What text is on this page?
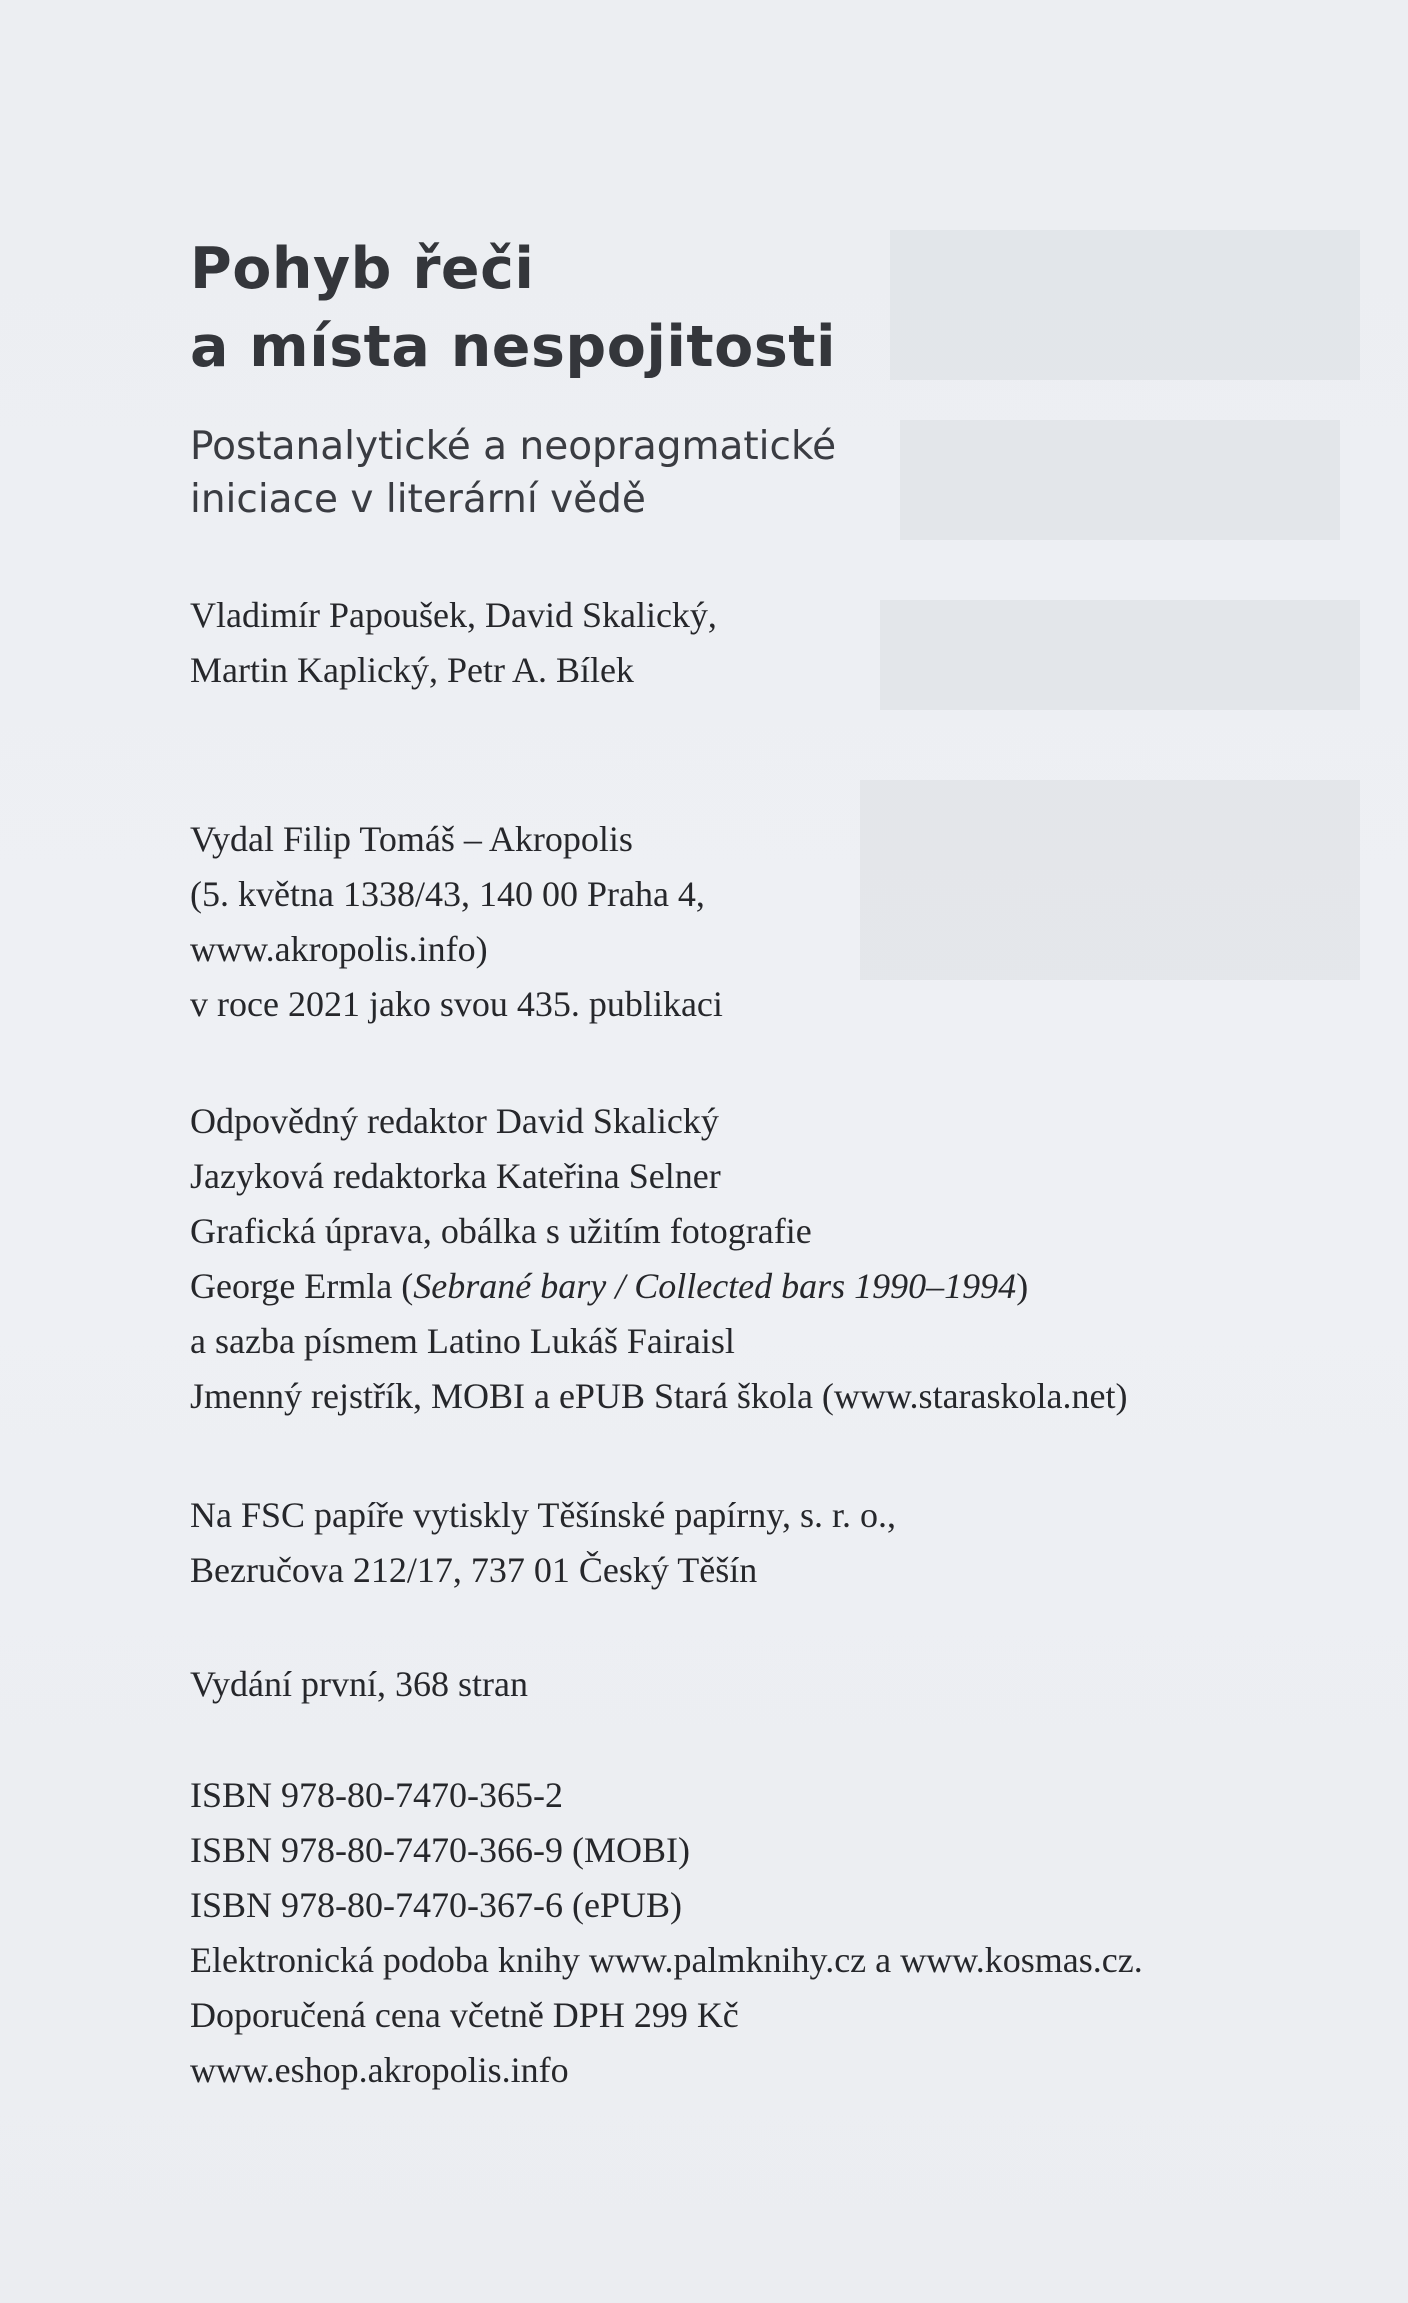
Pohyb řeči
a místa nespojitosti
Postanalytické a neopragmatické
iniciace v literární vědě
Vladimír Papoušek, David Skalický,
Martin Kaplický, Petr A. Bílek
Vydal Filip Tomáš – Akropolis
(5. května 1338/43, 140 00 Praha 4,
www.akropolis.info)
v roce 2021 jako svou 435. publikaci
Odpovědný redaktor David Skalický
Jazyková redaktorka Kateřina Selner
Grafická úprava, obálka s užitím fotografie
George Ermla (Sebrané bary / Collected bars 1990–1994)
a sazba písmem Latino Lukáš Fairaisl
Jmenný rejstřík, MOBI a ePUB Stará škola (www.staraskola.net)
Na FSC papíře vytiskly Těšínské papírny, s. r. o.,
Bezručova 212/17, 737 01 Český Těšín
Vydání první, 368 stran
ISBN 978-80-7470-365-2
ISBN 978-80-7470-366-9 (MOBI)
ISBN 978-80-7470-367-6 (ePUB)
Elektronická podoba knihy www.palmknihy.cz a www.kosmas.cz.
Doporučená cena včetně DPH 299 Kč
www.eshop.akropolis.info
